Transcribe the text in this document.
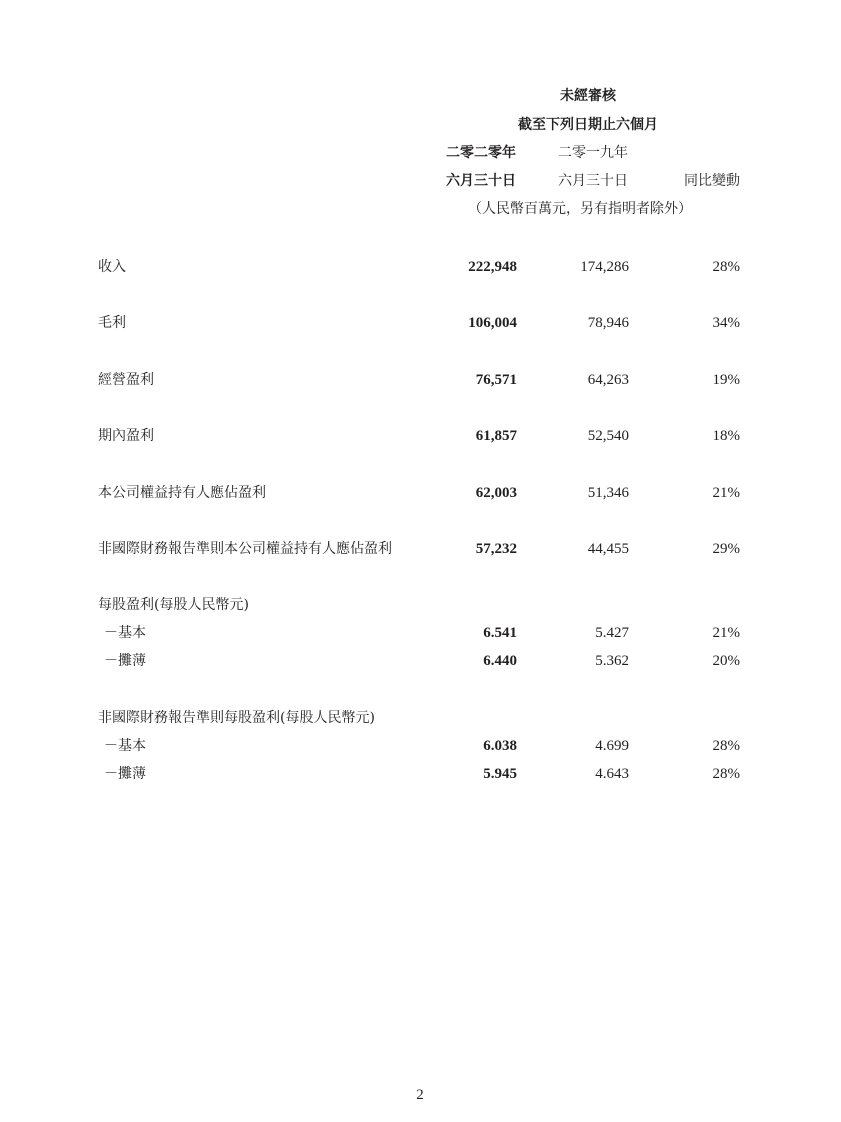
未經審核
截至下列日期止六個月
二零二零年	二零一九年
六月三十日	六月三十日	同比變動
（人民幣百萬元，另有指明者除外）
收入	222,948	174,286	28%
毛利	106,004	78,946	34%
經營盈利	76,571	64,263	19%
期內盈利	61,857	52,540	18%
本公司權益持有人應佔盈利	62,003	51,346	21%
非國際財務報告準則本公司權益持有人應佔盈利	57,232	44,455	29%
每股盈利(每股人民幣元)
－基本	6.541	5.427	21%
－攤薄	6.440	5.362	20%
非國際財務報告準則每股盈利(每股人民幣元)
－基本	6.038	4.699	28%
－攤薄	5.945	4.643	28%
2
